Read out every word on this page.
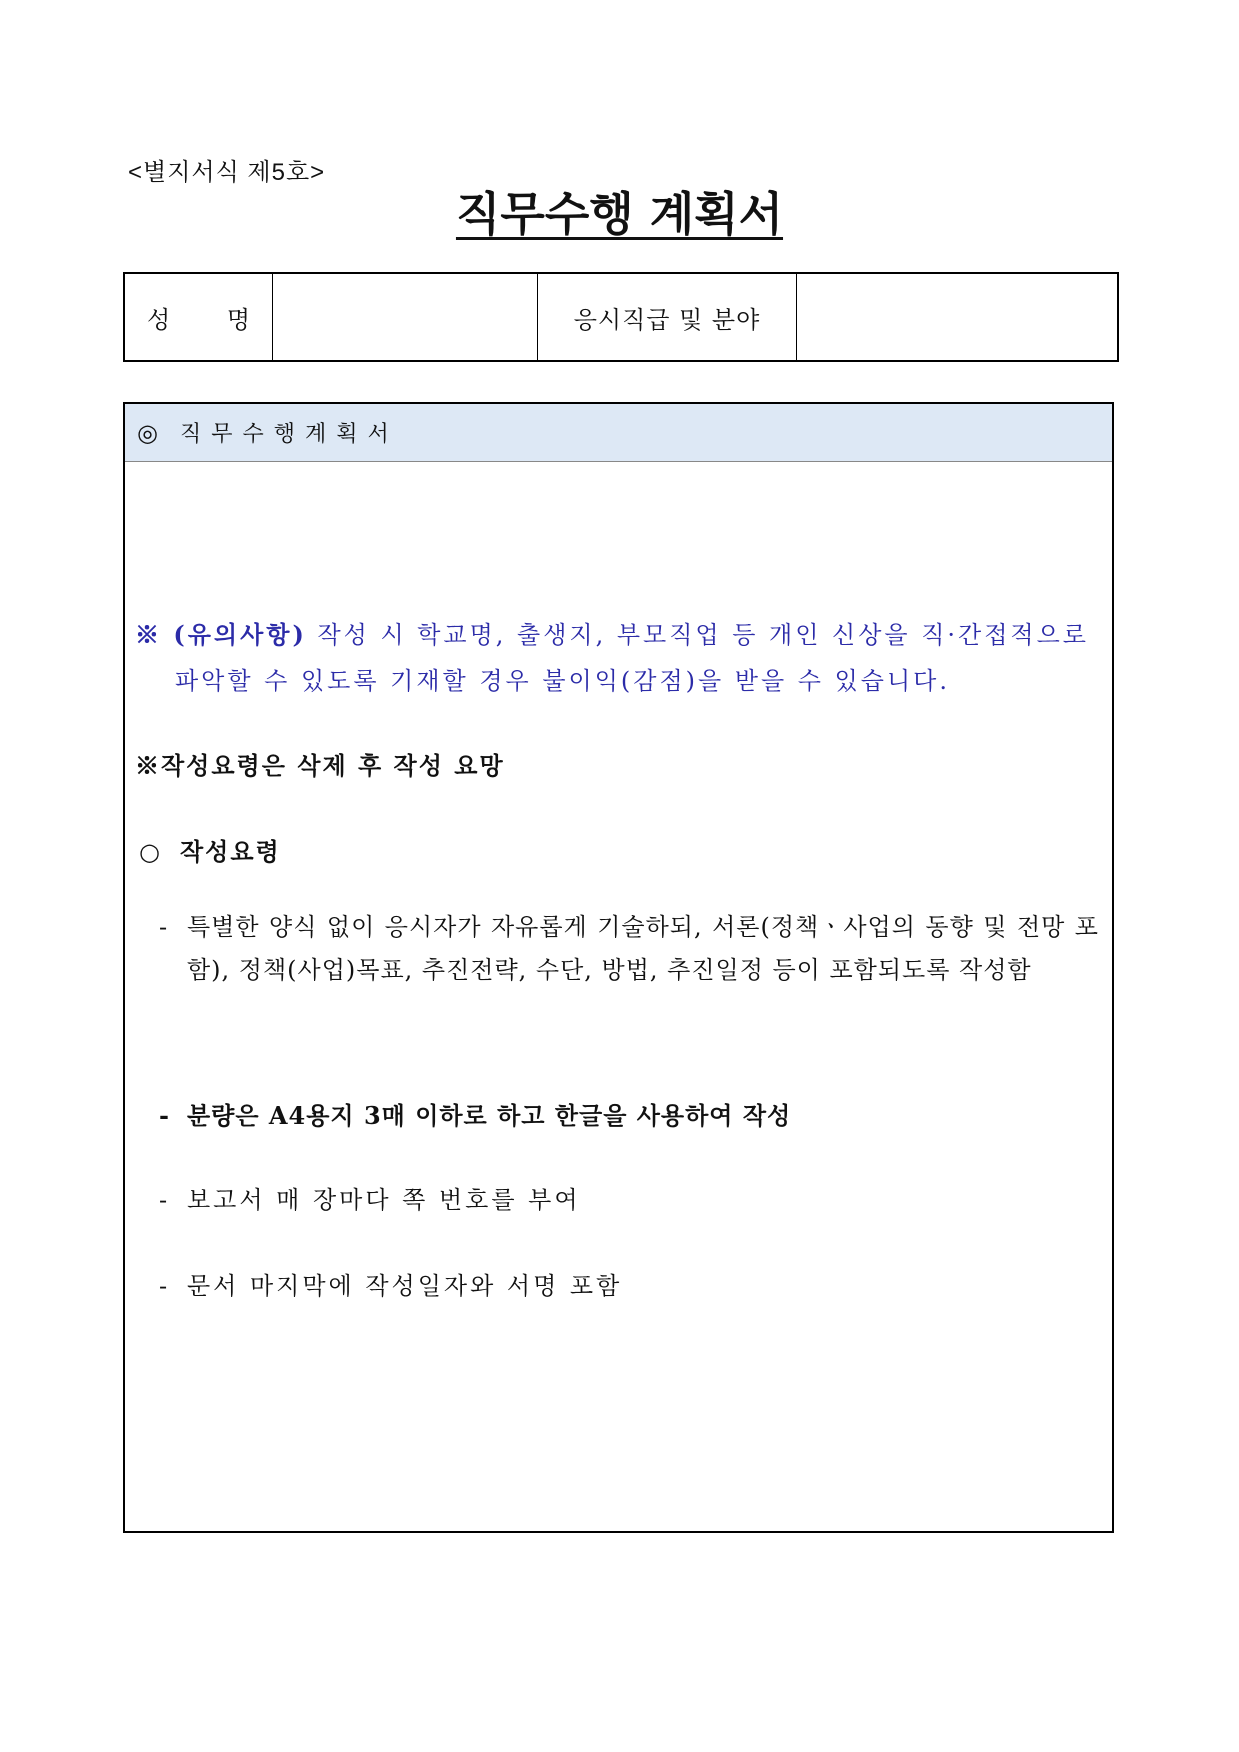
<별지서식 제5호>
직무수행 계획서
성 명	응시직급 및 분야
◎ 직무수행계획서
※ (유의사항) 작성 시 학교명, 출생지, 부모직업 등 개인 신상을 직·간접적으로
파악할 수 있도록 기재할 경우 불이익(감점)을 받을 수 있습니다.
※작성요령은 삭제 후 작성 요망
○ 작성요령
- 특별한 양식 없이 응시자가 자유롭게 기술하되, 서론(정책ㆍ사업의 동향 및 전망 포함), 정책(사업)목표, 추진전략, 수단, 방법, 추진일정 등이 포함되도록 작성함
- 분량은 A4용지 3매 이하로 하고 한글을 사용하여 작성
- 보고서 매 장마다 쪽 번호를 부여
- 문서 마지막에 작성일자와 서명 포함
